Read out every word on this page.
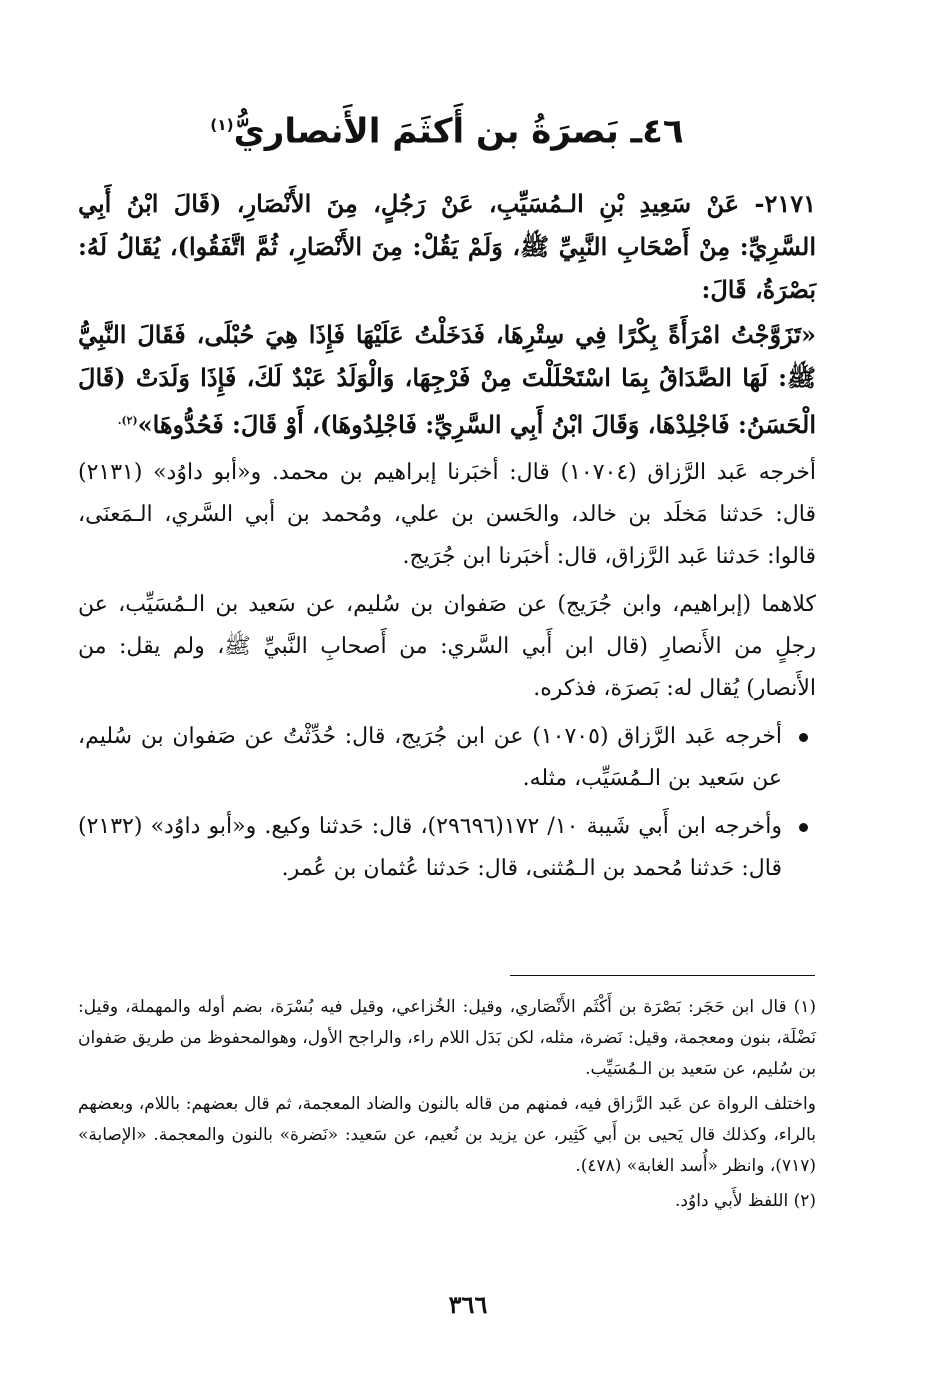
٤٦ـ بَصرَةُ بن أَكثَمَ الأَنصاريُّ$^{(١)}$

٢١٧١- عَنْ سَعِيدِ بْنِ الـمُسَيِّبِ، عَنْ رَجُلٍ، مِنَ الأَنْصَارِ، (قَالَ ابْنُ أَبِي السَّرِيِّ: مِنْ أَصْحَابِ النَّبِيِّ ﷺ، وَلَمْ يَقُلْ: مِنَ الأَنْصَارِ، ثُمَّ اتَّفَقُوا)، يُقَالُ لَهُ: بَصْرَةُ، قَالَ:

«تَزَوَّجْتُ امْرَأَةً بِكْرًا فِي سِتْرِهَا، فَدَخَلْتُ عَلَيْهَا فَإِذَا هِيَ حُبْلَى، فَقَالَ النَّبِيُّ ﷺ: لَهَا الصَّدَاقُ بِمَا اسْتَحْلَلْتَ مِنْ فَرْجِهَا، وَالْوَلَدُ عَبْدٌ لَكَ، فَإِذَا وَلَدَتْ (قَالَ الْحَسَنُ: فَاجْلِدْهَا، وَقَالَ ابْنُ أَبِي السَّرِيِّ: فَاجْلِدُوهَا)، أَوْ قَالَ: فَحُدُّوهَا»$^{(٢).}$

أخرجه عَبد الرَّزاق (١٠٧٠٤) قال: أخبَرنا إبراهيم بن محمد. و«أبو داوُد» (٢١٣١) قال: حَدثنا مَخلَد بن خالد، والحَسن بن علي، ومُحمد بن أبي السَّري، الـمَعنَى، قالوا: حَدثنا عَبد الرَّزاق، قال: أخبَرنا ابن جُرَيج.

كلاهما (إبراهيم، وابن جُرَيج) عن صَفوان بن سُليم، عن سَعيد بن الـمُسَيِّب، عن رجلٍ من الأَنصارِ (قال ابن أَبي السَّري: من أَصحابِ النَّبيِّ ﷺ، ولم يقل: من الأَنصار) يُقال له: بَصرَة، فذكره.

أخرجه عَبد الرَّزاق (١٠٧٠٥) عن ابن جُرَيج، قال: حُدِّثْتُ عن صَفوان بن سُليم، عن سَعيد بن الـمُسَيِّب، مثله.
وأخرجه ابن أَبي شَيبة ١٠/ ١٧٢(٢٩٦٩٦)، قال: حَدثنا وكيع. و«أبو داوُد» (٢١٣٢) قال: حَدثنا مُحمد بن الـمُثنى، قال: حَدثنا عُثمان بن عُمر.

(١) قال ابن حَجَر: بَصْرَة بن أَكْثَم الأَنْصَاري، وقيل: الخُزاعي، وقيل فيه بُسْرَة، بضم أوله والمهملة، وقيل: نَضْلَة، بنون ومعجمة، وقيل: نَضرة، مثله، لكن بَدَل اللام راء، والراجح الأول، وهوالمحفوظ من طريق صَفوان بن سُليم، عن سَعيد بن الـمُسَيِّب.

واختلف الرواة عن عَبد الرَّزاق فيه، فمنهم من قاله بالنون والضاد المعجمة، ثم قال بعضهم: باللام، وبعضهم بالراء، وكذلك قال يَحيى بن أَبي كَثِير، عن يزيد بن نُعيم، عن سَعيد: «نَضرة» بالنون والمعجمة. «الإصابة» (٧١٧)، وانظر «أُسد الغابة» (٤٧٨).

(٢) اللفظ لأَبي داوُد.

٣٦٦
